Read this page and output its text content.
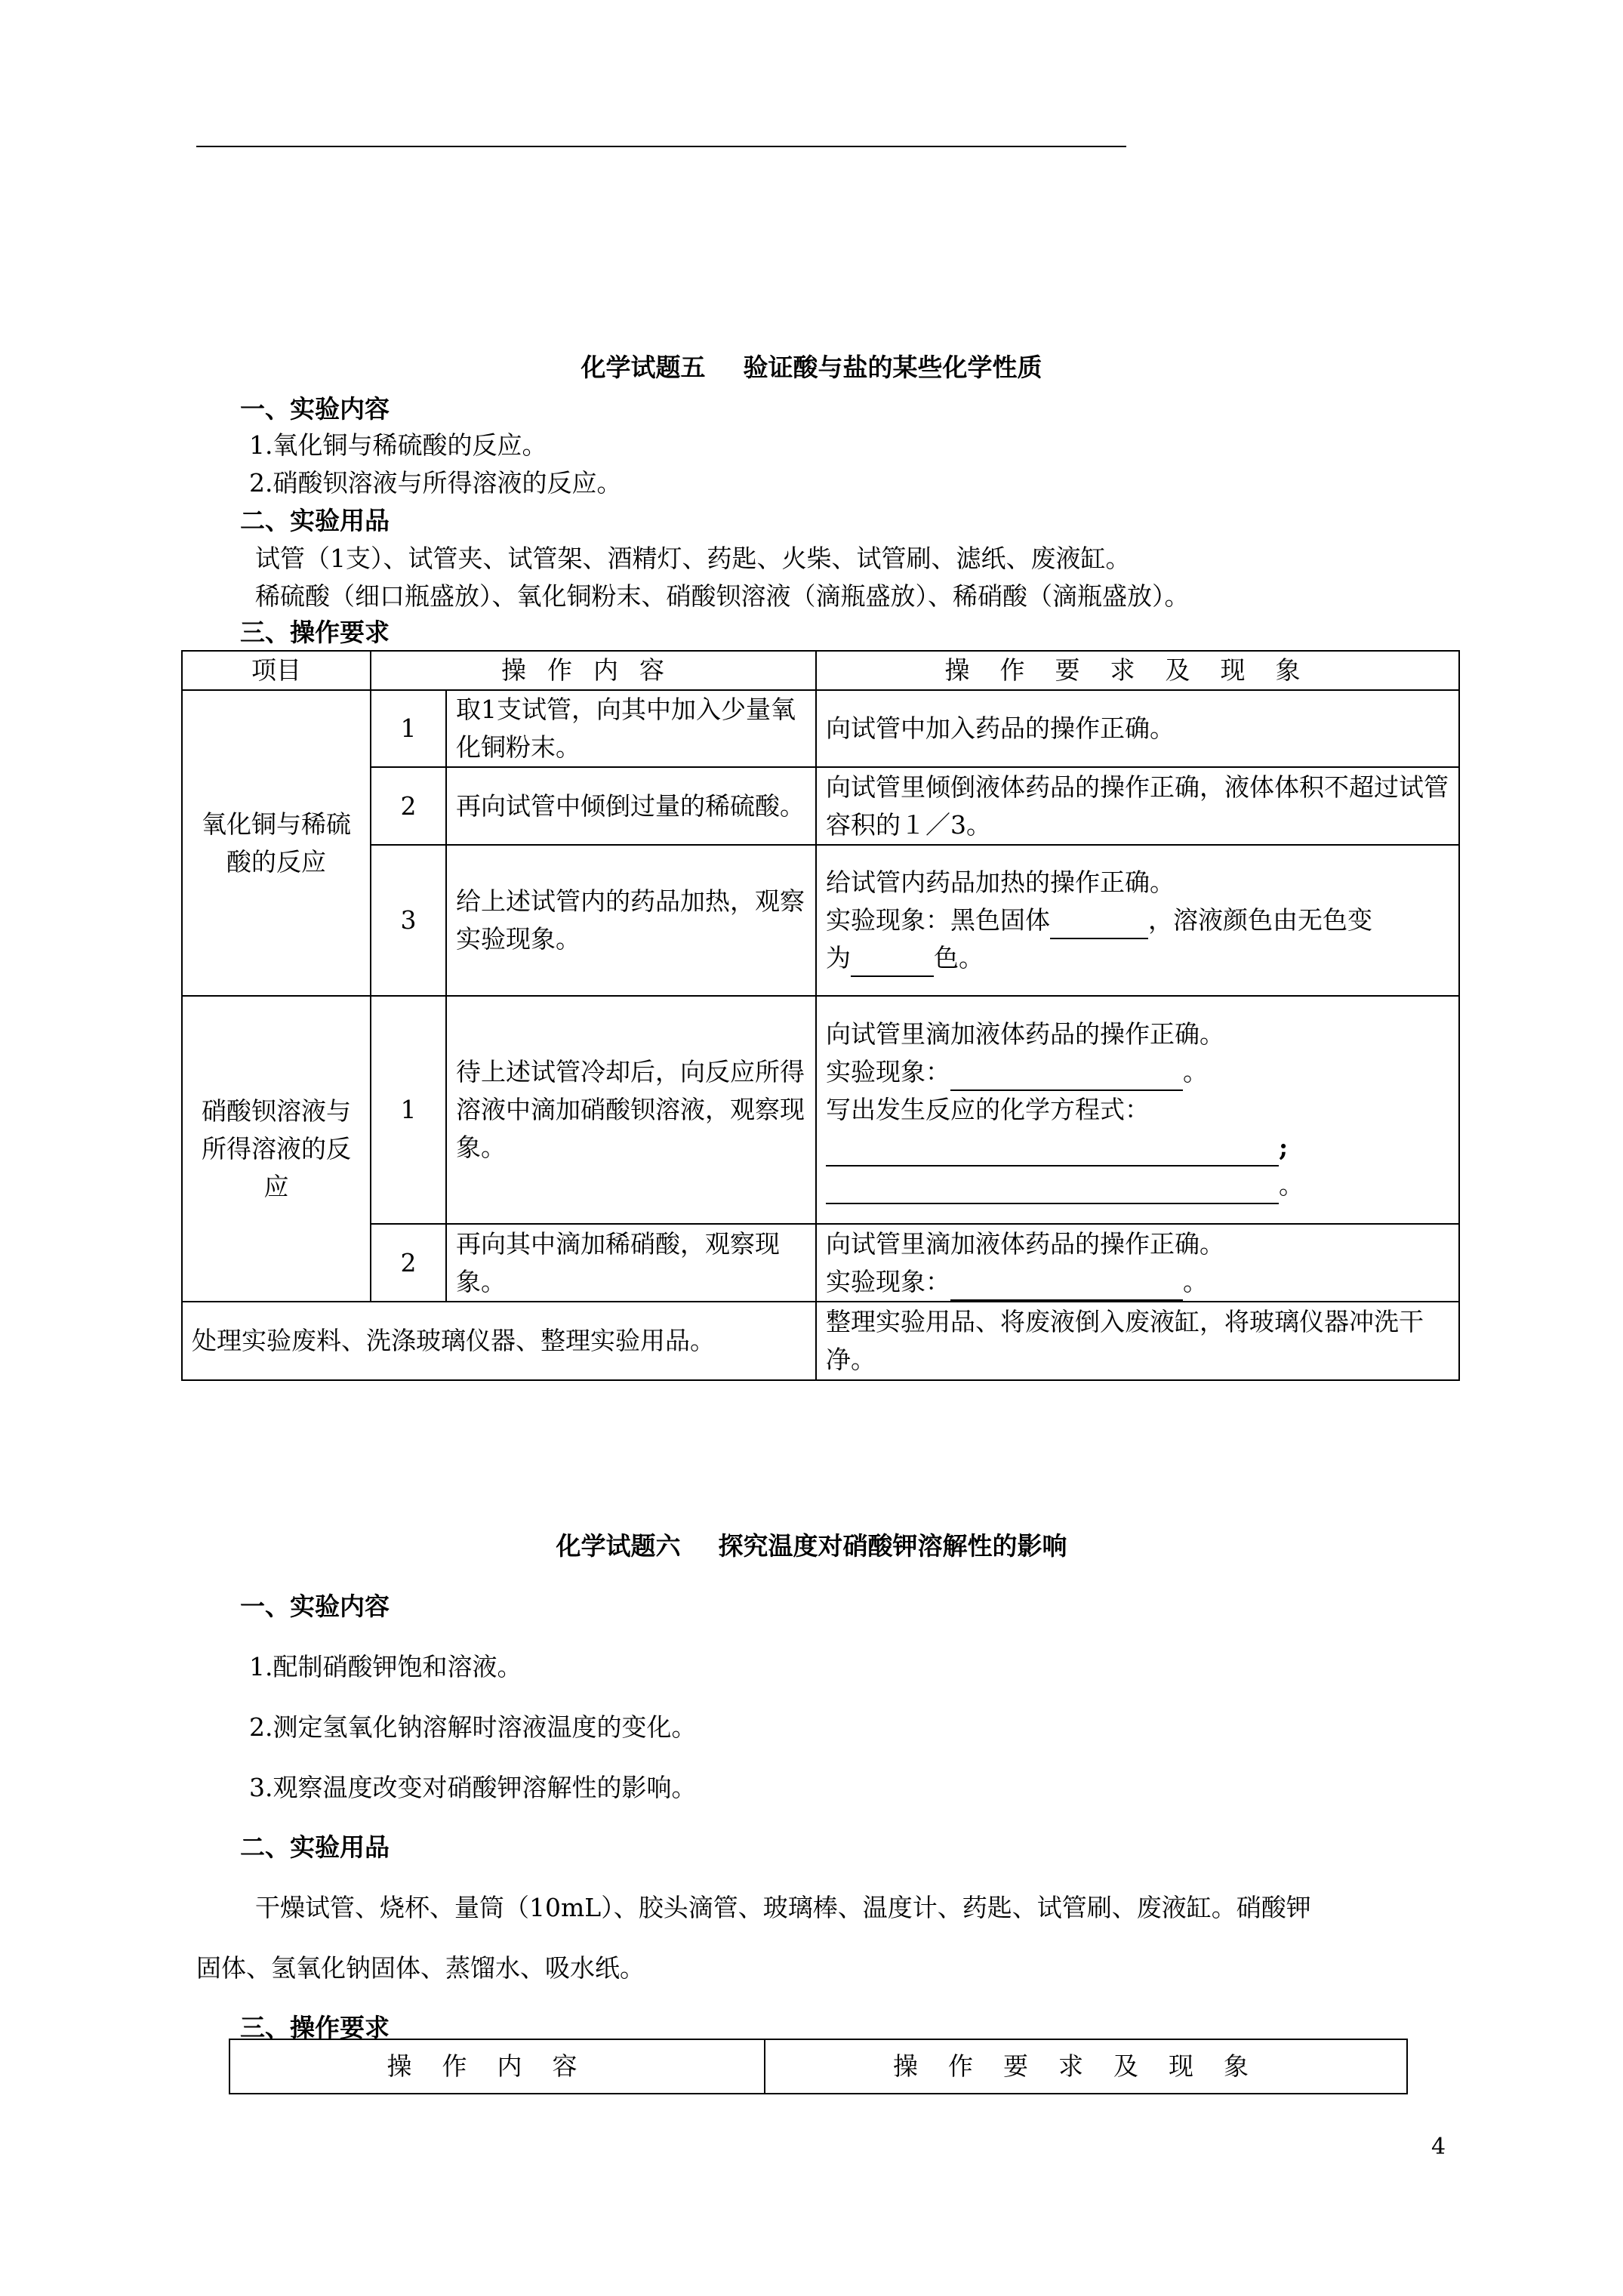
化学试题五 验证酸与盐的某些化学性质
一、实验内容
1.氧化铜与稀硫酸的反应。
2.硝酸钡溶液与所得溶液的反应。
二、实验用品
试管（1支）、试管夹、试管架、酒精灯、药匙、火柴、试管刷、滤纸、废液缸。
稀硫酸（细口瓶盛放）、氧化铜粉末、硝酸钡溶液（滴瓶盛放）、稀硝酸（滴瓶盛放）。
三、操作要求
项目	操作内容		操作要求及现象
氧化铜与稀硫酸的反应	1	取1支试管，向其中加入少量氧化铜粉末。	向试管中加入药品的操作正确。
	2	再向试管中倾倒过量的稀硫酸。	向试管里倾倒液体药品的操作正确，液体体积不超过试管容积的１／3。
	3	给上述试管内的药品加热，观察实验现象。	给试管内药品加热的操作正确。
实验现象：黑色固体 ，溶液颜色由无色变
为 色。

硝酸钡溶液与所得溶液的反应	1	待上述试管冷却后，向反应所得溶液中滴加硝酸钡溶液，观察现象。	向试管里滴加液体药品的操作正确。
实验现象： 。
写出发生反应的化学方程式：
;
。

	2	再向其中滴加稀硝酸，观察现象。	向试管里滴加液体药品的操作正确。
实验现象： 。

处理实验废料、洗涤玻璃仪器、整理实验用品。			整理实验用品、将废液倒入废液缸，将玻璃仪器冲洗干净。
化学试题六 探究温度对硝酸钾溶解性的影响
一、实验内容
1.配制硝酸钾饱和溶液。
2.测定氢氧化钠溶解时溶液温度的变化。
3.观察温度改变对硝酸钾溶解性的影响。
二、实验用品
干燥试管、烧杯、量筒（10mL）、胶头滴管、玻璃棒、温度计、药匙、试管刷、废液缸。硝酸钾
固体、氢氧化钠固体、蒸馏水、吸水纸。
三、操作要求
操作内容	操作要求及现象
4
